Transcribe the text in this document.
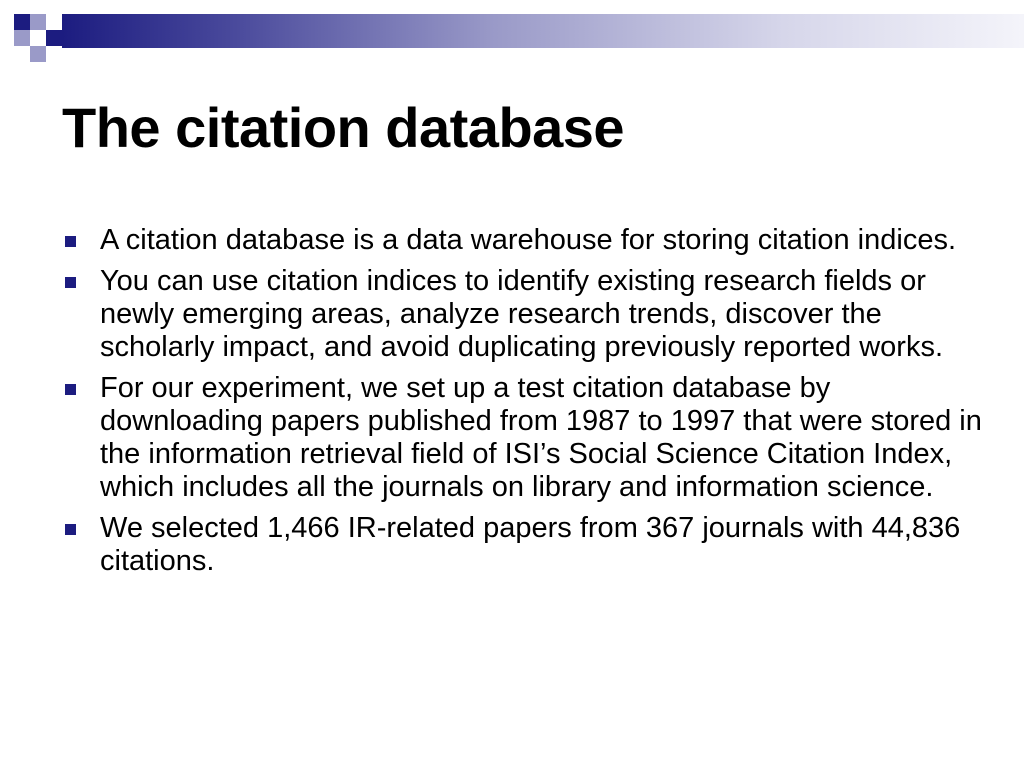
The citation database
A citation database is a data warehouse for storing citation indices.
You can use citation indices to identify existing research fields or newly emerging areas, analyze research trends, discover the scholarly impact, and avoid duplicating previously reported works.
For our experiment, we set up a test citation database by downloading papers published from 1987 to 1997 that were stored in the information retrieval field of ISI’s Social Science Citation Index, which includes all the journals on library and information science.
We selected 1,466 IR-related papers from 367 journals with 44,836 citations.
